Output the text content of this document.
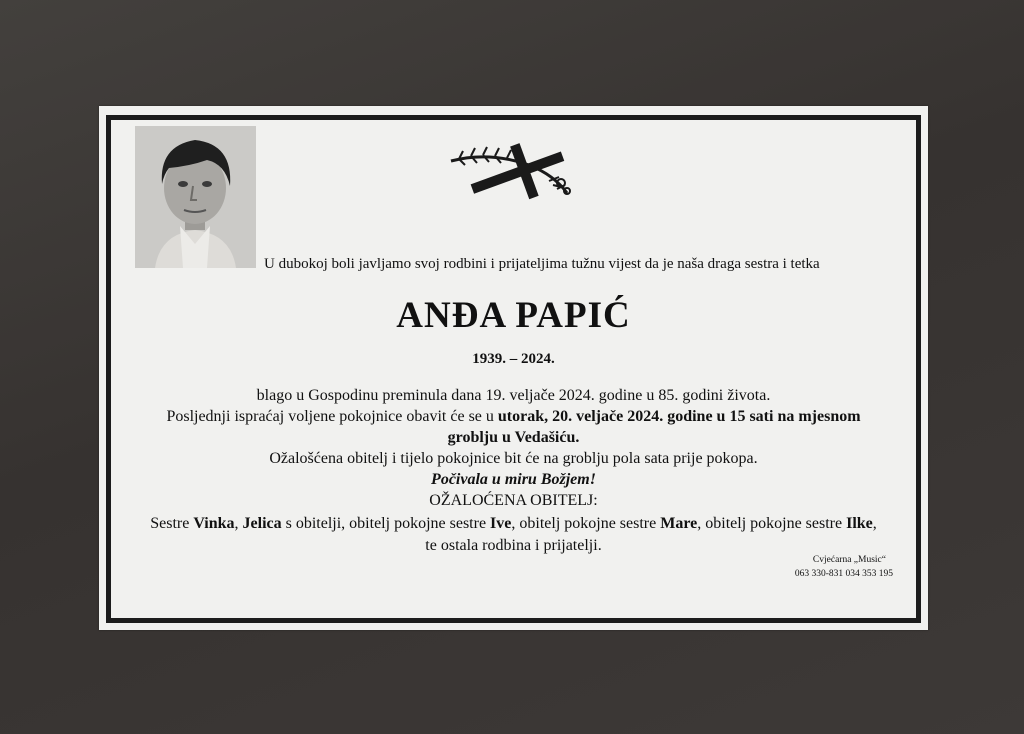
U dubokoj boli javljamo svoj rodbini i prijateljima tužnu vijest da je naša draga sestra i tetka
ANĐA PAPIĆ
1939. – 2024.
blago u Gospodinu preminula dana 19. veljače 2024. godine u 85. godini života.
Posljednji ispraćaj voljene pokojnice obavit će se u utorak, 20. veljače 2024. godine u 15 sati na mjesnom
groblju u Vedašiću.
Ožalošćena obitelj i tijelo pokojnice bit će na groblju pola sata prije pokopa.
Počivala u miru Božjem!
OŽALOĆENA OBITELJ:
Sestre Vinka, Jelica s obitelji, obitelj pokojne sestre Ive, obitelj pokojne sestre Mare, obitelj pokojne sestre Ilke,
te ostala rodbina i prijatelji.
Cvjećarna „Music“
063 330-831 034 353 195
